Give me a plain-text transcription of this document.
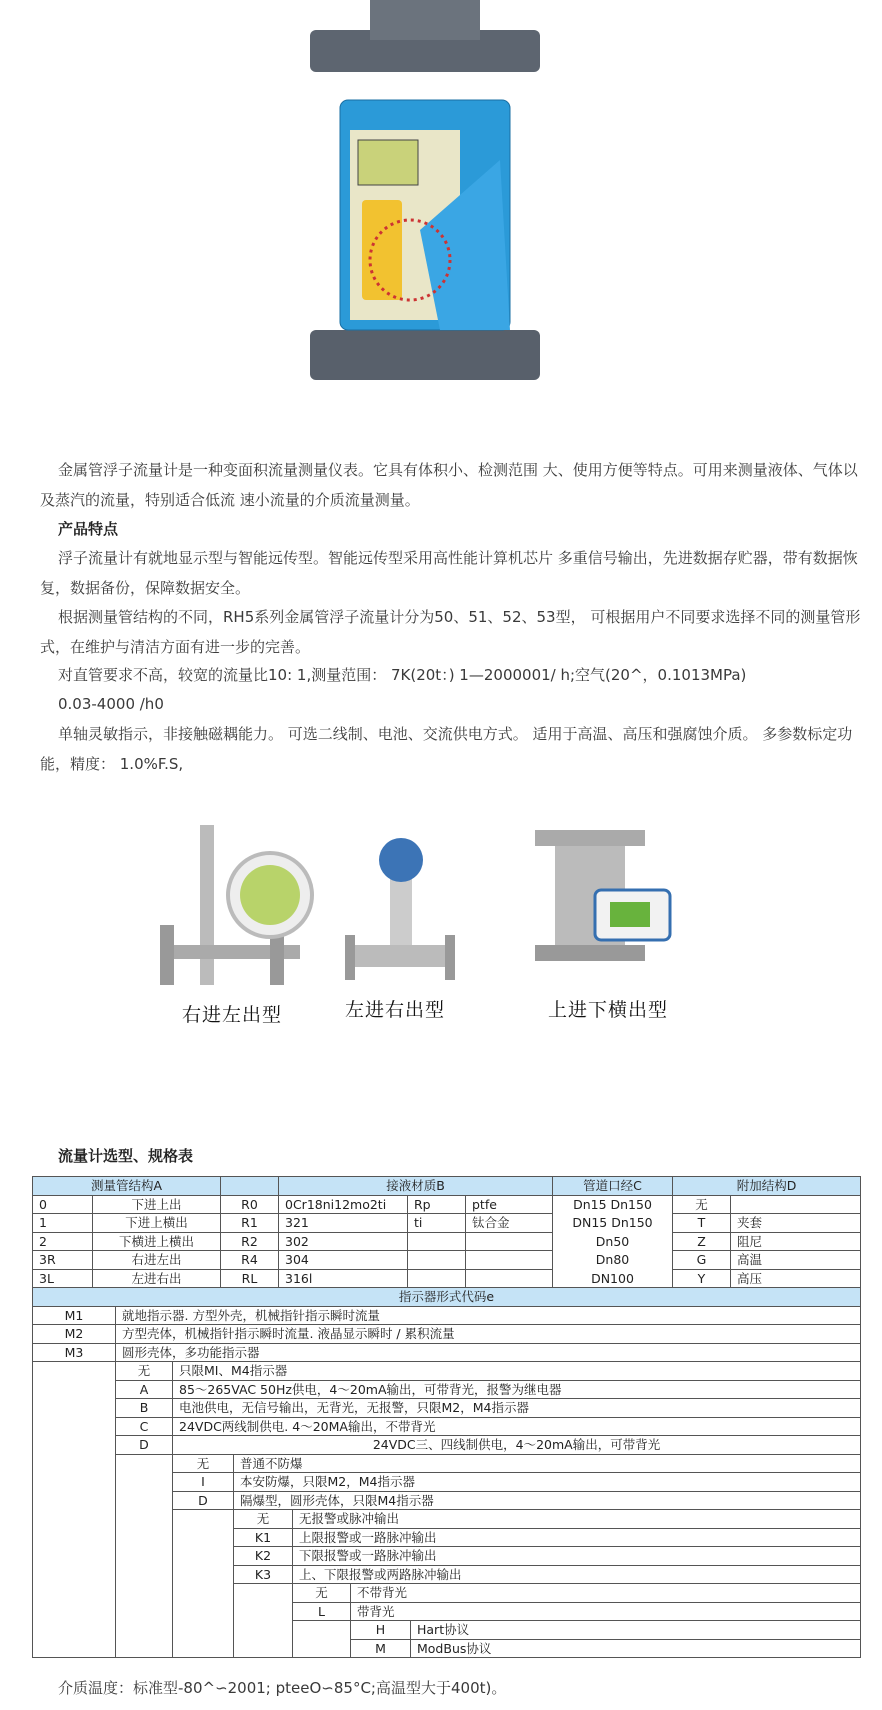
金属管浮子流量计是一种变面积流量测量仪表。它具有体积小、检测范围 大、使用方便等特点。可用来测量液体、气体以及蒸汽的流量，特别适合低流 速小流量的介质流量测量。
产品特点
浮子流量计有就地显示型与智能远传型。智能远传型采用高性能计算机芯片 多重信号输出，先进数据存贮器，带有数据恢复，数据备份，保障数据安全。
根据测量管结构的不同，RH5系列金属管浮子流量计分为50、51、52、53型， 可根据用户不同要求选择不同的测量管形式，在维护与清洁方面有进一步的完善。
对直管要求不高，较宽的流量比10: 1,测量范围： 7K(20t：) 1—2000001/ h;空气(20^，0.1013MPa)
0.03-4000 /h0
单轴灵敏指示，非接触磁耦能力。 可选二线制、电池、交流供电方式。 适用于高温、高压和强腐蚀介质。 多参数标定功能，精度： 1.0%F.S,
右进左出型	左进右出型	上进下横出型
流量计选型、规格表
测量管结构A			接液材质B			管道口经C	附加结构D	
0	下进上出	R0	0Cr18ni12mo2ti	Rp	ptfe	Dn15 Dn150	无	
1	下进上横出	R1	321	ti	钛合金	DN15 Dn150	T	夹套
2	下横进上横出	R2	302			Dn50	Z	阻尼
3R	右进左出	R4	304			Dn80	G	高温
3L	左进右出	RL	316l			DN100	Y	高压
指示器形式代码e						
M1	就地指示器. 方型外壳，机械指针指示瞬时流量					
M2	方型壳体，机械指针指示瞬时流量. 液晶显示瞬时 / 累积流量					
M3	圆形壳体，多功能指示器					
	无	只限MI、M4指示器				
	A	85～265VAC 50Hz供电，4～20mA输出，可带背光，报警为继电器				
	B	电池供电，无信号输出，无背光，无报警，只限M2，M4指示器				
	C	24VDC两线制供电. 4～20MA输出，不带背光				
	D	24VDC三、四线制供电，4～20mA输出，可带背光				
		无	普通不防爆			
		I	本安防爆，只限M2，M4指示器			
		D	隔爆型，圆形壳体，只限M4指示器			
			无	无报警或脉冲输出		
			K1	上限报警或一路脉冲输出		
			K2	下限报警或一路脉冲输出		
			K3	上、下限报警或两路脉冲输出		
				无	不带背光	
				L	带背光	
					H	Hart协议
					M	ModBus协议
介质温度：标准型-80^∽2001; pteeO∽85°C;高温型大于400t)。
